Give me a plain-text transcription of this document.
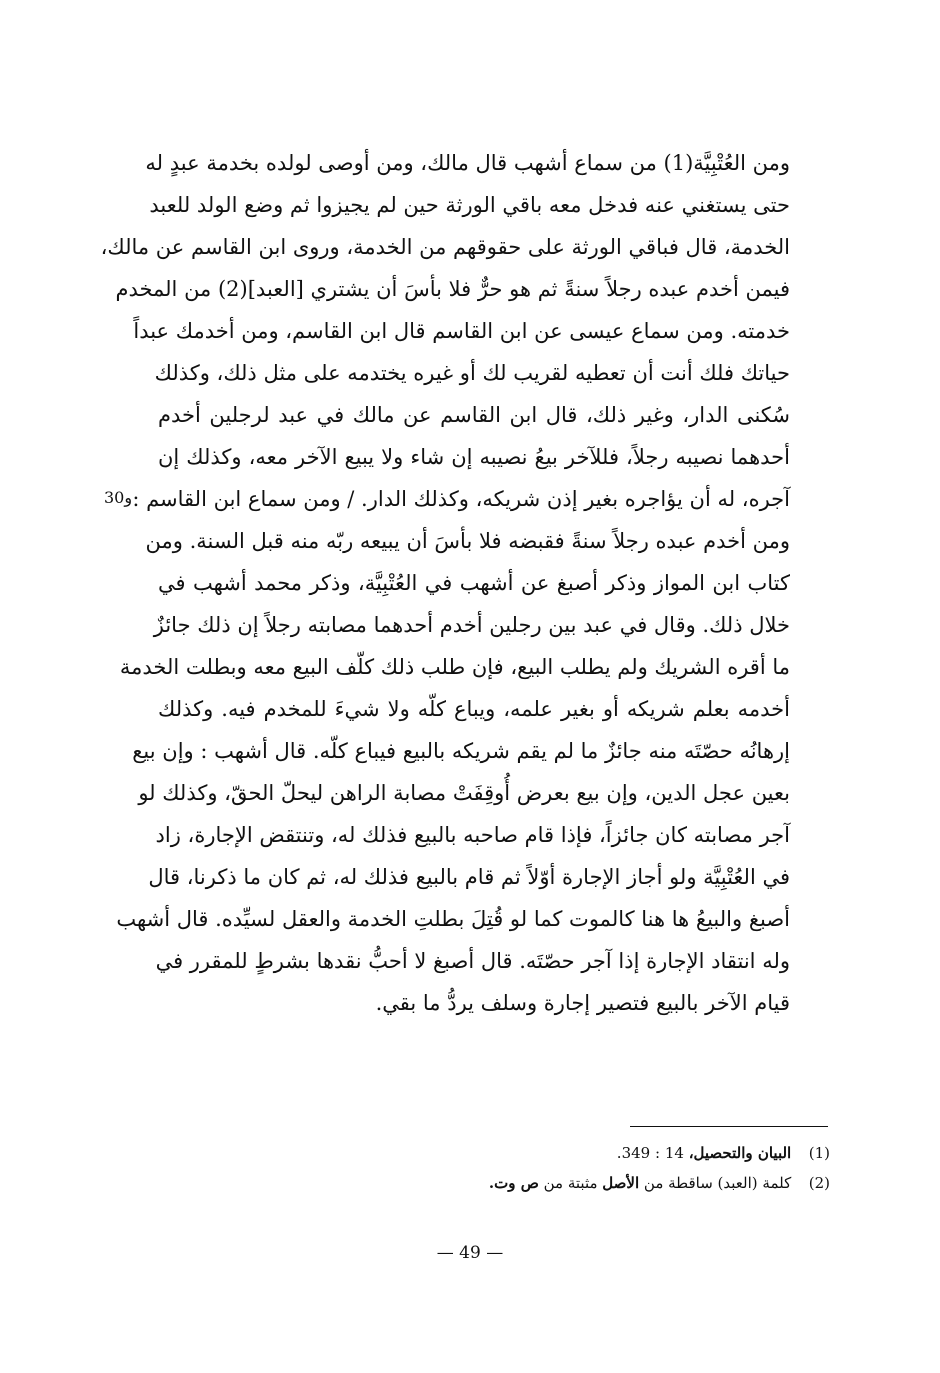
ومن العُتْبِيَّة(1) من سماع أشهب قال مالك، ومن أوصى لولده بخدمة عبدٍ له
حتى يستغني عنه فدخل معه باقي الورثة حين لم يجيزوا ثم وضع الولد للعبد
الخدمة، قال فباقي الورثة على حقوقهم من الخدمة، وروى ابن القاسم عن مالك،
فيمن أخدم عبده رجلاً سنةً ثم هو حرٌّ فلا بأسَ أن يشتري [العبد](2) من المخدم
خدمته. ومن سماع عيسى عن ابن القاسم قال ابن القاسم، ومن أخدمك عبداً
حياتك فلك أنت أن تعطيه لقريب لك أو غيره يختدمه على مثل ذلك، وكذلك
سُكنى الدار، وغير ذلك، قال ابن القاسم عن مالك في عبد لرجلين أخدم
أحدهما نصيبه رجلاً، فللآخر بيعُ نصيبه إن شاء ولا يبيع الآخر معه، وكذلك إن
آجره، له أن يؤاجره بغير إذن شريكه، وكذلك الدار. / ومن سماع ابن القاسم :
ومن أخدم عبده رجلاً سنةً فقبضه فلا بأسَ أن يبيعه ربّه منه قبل السنة. ومن
كتاب ابن المواز وذكر أصبغ عن أشهب في العُتْبِيَّة، وذكر محمد أشهب في
خلال ذلك. وقال في عبد بين رجلين أخدم أحدهما مصابته رجلاً إن ذلك جائزٌ
ما أقره الشريك ولم يطلب البيع، فإن طلب ذلك كلّف البيع معه وبطلت الخدمة
أخدمه بعلم شريكه أو بغير علمه، ويباع كلّه ولا شيءَ للمخدم فيه. وكذلك
إرهانُه حصّتَه منه جائزٌ ما لم يقم شريكه بالبيع فيباع كلّه. قال أشهب : وإن بيع
بعين عجل الدين، وإن بيع بعرض أُوقِفَتْ مصابة الراهن ليحلّ الحقّ، وكذلك لو
آجر مصابته كان جائزاً، فإذا قام صاحبه بالبيع فذلك له، وتنتقض الإجارة، زاد
في العُتْبِيَّة ولو أجاز الإجارة أوّلاً ثم قام بالبيع فذلك له، ثم كان ما ذكرنا، قال
أصبغ والبيعُ ها هنا كالموت كما لو قُتِلَ بطلتِ الخدمة والعقل لسيِّده. قال أشهب
وله انتقاد الإجارة إذا آجر حصّتَه. قال أصبغ لا أحبُّ نقدها بشرطٍ للمقرر في
قيام الآخر بالبيع فتصير إجارة وسلف يردُّ ما بقي.
30و
(1) البيان والتحصيل، 14 : 349.
(2) كلمة (العبد) ساقطة من الأصل مثبتة من ص وت.
— 49 —
